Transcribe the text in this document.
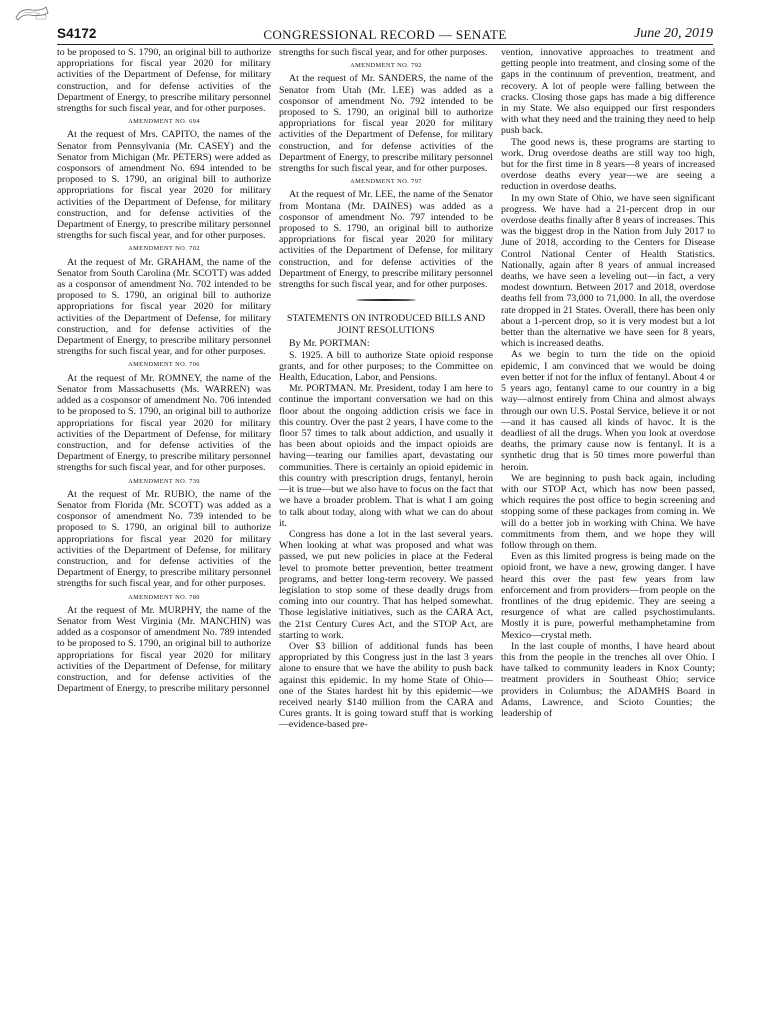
S4172	CONGRESSIONAL RECORD — SENATE	June 20, 2019

to be proposed to S. 1790, an original bill to authorize appropriations for fiscal year 2020 for military activities of the Department of Defense, for military construction, and for defense activities of the Department of Energy, to prescribe military personnel strengths for such fiscal year, and for other purposes.

AMENDMENT NO. 694

At the request of Mrs. CAPITO, the names of the Senator from Pennsylvania (Mr. CASEY) and the Senator from Michigan (Mr. PETERS) were added as cosponsors of amendment No. 694 intended to be proposed to S. 1790, an original bill to authorize appropriations for fiscal year 2020 for military activities of the Department of Defense, for military construction, and for defense activities of the Department of Energy, to prescribe military personnel strengths for such fiscal year, and for other purposes.

AMENDMENT NO. 702

At the request of Mr. GRAHAM, the name of the Senator from South Carolina (Mr. SCOTT) was added as a cosponsor of amendment No. 702 intended to be proposed to S. 1790, an original bill to authorize appropriations for fiscal year 2020 for military activities of the Department of Defense, for military construction, and for defense activities of the Department of Energy, to prescribe military personnel strengths for such fiscal year, and for other purposes.

AMENDMENT NO. 706

At the request of Mr. ROMNEY, the name of the Senator from Massachusetts (Ms. WARREN) was added as a cosponsor of amendment No. 706 intended to be proposed to S. 1790, an original bill to authorize appropriations for fiscal year 2020 for military activities of the Department of Defense, for military construction, and for defense activities of the Department of Energy, to prescribe military personnel strengths for such fiscal year, and for other purposes.

AMENDMENT NO. 739

At the request of Mr. RUBIO, the name of the Senator from Florida (Mr. SCOTT) was added as a cosponsor of amendment No. 739 intended to be proposed to S. 1790, an original bill to authorize appropriations for fiscal year 2020 for military activities of the Department of Defense, for military construction, and for defense activities of the Department of Energy, to prescribe military personnel strengths for such fiscal year, and for other purposes.

AMENDMENT NO. 789

At the request of Mr. MURPHY, the name of the Senator from West Virginia (Mr. MANCHIN) was added as a cosponsor of amendment No. 789 intended to be proposed to S. 1790, an original bill to authorize appropriations for fiscal year 2020 for military activities of the Department of Defense, for military construction, and for defense activities of the Department of Energy, to prescribe military personnel

strengths for such fiscal year, and for other purposes.

AMENDMENT NO. 792

At the request of Mr. SANDERS, the name of the Senator from Utah (Mr. LEE) was added as a cosponsor of amendment No. 792 intended to be proposed to S. 1790, an original bill to authorize appropriations for fiscal year 2020 for military activities of the Department of Defense, for military construction, and for defense activities of the Department of Energy, to prescribe military personnel strengths for such fiscal year, and for other purposes.

AMENDMENT NO. 797

At the request of Mr. LEE, the name of the Senator from Montana (Mr. DAINES) was added as a cosponsor of amendment No. 797 intended to be proposed to S. 1790, an original bill to authorize appropriations for fiscal year 2020 for military activities of the Department of Defense, for military construction, and for defense activities of the Department of Energy, to prescribe military personnel strengths for such fiscal year, and for other purposes.

STATEMENTS ON INTRODUCED BILLS AND JOINT RESOLUTIONS

By Mr. PORTMAN:

S. 1925. A bill to authorize State opioid response grants, and for other purposes; to the Committee on Health, Education, Labor, and Pensions.

Mr. PORTMAN. Mr. President, today I am here to continue the important conversation we had on this floor about the ongoing addiction crisis we face in this country. Over the past 2 years, I have come to the floor 57 times to talk about addiction, and usually it has been about opioids and the impact opioids are having—tearing our families apart, devastating our communities. There is certainly an opioid epidemic in this country with prescription drugs, fentanyl, heroin—it is true—but we also have to focus on the fact that we have a broader problem. That is what I am going to talk about today, along with what we can do about it.

Congress has done a lot in the last several years. When looking at what was proposed and what was passed, we put new policies in place at the Federal level to promote better prevention, better treatment programs, and better long-term recovery. We passed legislation to stop some of these deadly drugs from coming into our country. That has helped somewhat. Those legislative initiatives, such as the CARA Act, the 21st Century Cures Act, and the STOP Act, are starting to work.

Over $3 billion of additional funds has been appropriated by this Congress just in the last 3 years alone to ensure that we have the ability to push back against this epidemic. In my home State of Ohio—one of the States hardest hit by this epidemic—we received nearly $140 million from the CARA and Cures grants. It is going toward stuff that is working—evidence-based pre-

vention, innovative approaches to treatment and getting people into treatment, and closing some of the gaps in the continuum of prevention, treatment, and recovery. A lot of people were falling between the cracks. Closing those gaps has made a big difference in my State. We also equipped our first responders with what they need and the training they need to help push back.

The good news is, these programs are starting to work. Drug overdose deaths are still way too high, but for the first time in 8 years—8 years of increased overdose deaths every year—we are seeing a reduction in overdose deaths.

In my own State of Ohio, we have seen significant progress. We have had a 21-percent drop in our overdose deaths finally after 8 years of increases. This was the biggest drop in the Nation from July 2017 to June of 2018, according to the Centers for Disease Control National Center of Health Statistics. Nationally, again after 8 years of annual increased deaths, we have seen a leveling out—in fact, a very modest downturn. Between 2017 and 2018, overdose deaths fell from 73,000 to 71,000. In all, the overdose rate dropped in 21 States. Overall, there has been only about a 1-percent drop, so it is very modest but a lot better than the alternative we have seen for 8 years, which is increased deaths.

As we begin to turn the tide on the opioid epidemic, I am convinced that we would be doing even better if not for the influx of fentanyl. About 4 or 5 years ago, fentanyl came to our country in a big way—almost entirely from China and almost always through our own U.S. Postal Service, believe it or not—and it has caused all kinds of havoc. It is the deadliest of all the drugs. When you look at overdose deaths, the primary cause now is fentanyl. It is a synthetic drug that is 50 times more powerful than heroin.

We are beginning to push back again, including with our STOP Act, which has now been passed, which requires the post office to begin screening and stopping some of these packages from coming in. We will do a better job in working with China. We have commitments from them, and we hope they will follow through on them.

Even as this limited progress is being made on the opioid front, we have a new, growing danger. I have heard this over the past few years from law enforcement and from providers—from people on the frontlines of the drug epidemic. They are seeing a resurgence of what are called psychostimulants. Mostly it is pure, powerful methamphetamine from Mexico—crystal meth.

In the last couple of months, I have heard about this from the people in the trenches all over Ohio. I have talked to community leaders in Knox County; treatment providers in Southeast Ohio; service providers in Columbus; the ADAMHS Board in Adams, Lawrence, and Scioto Counties; the leadership of
